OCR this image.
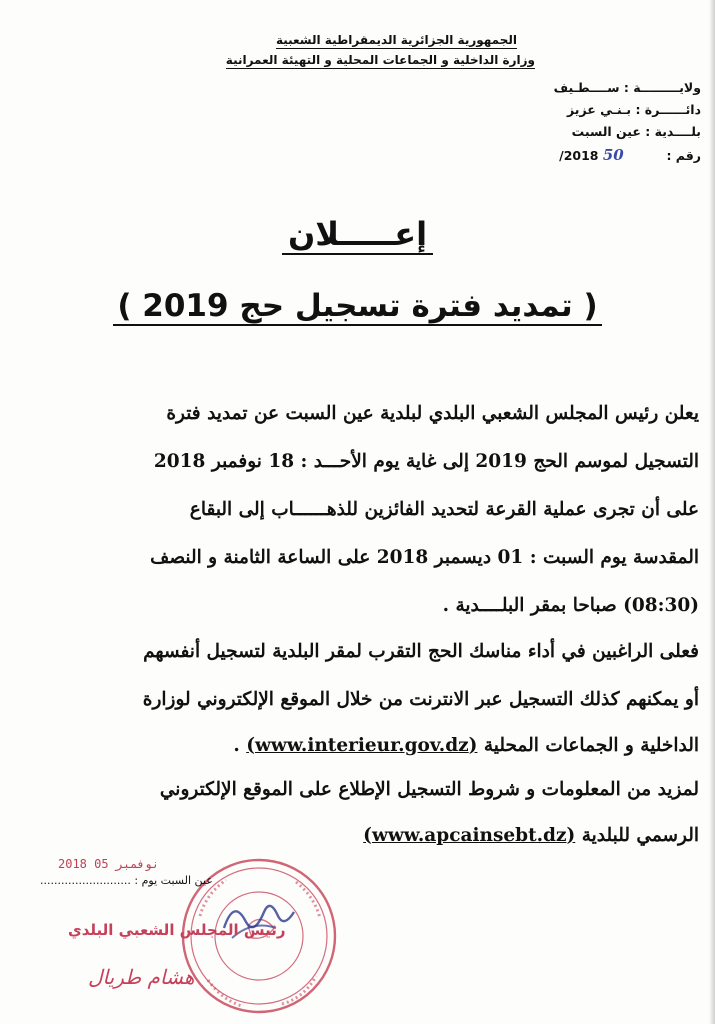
الجمهورية الجزائرية الديمقراطية الشعبية
وزارة الداخلية و الجماعات المحلية و التهيئة العمرانية
ولايـــــــــة : ســــطـيف
دائــــــرة : بـنـي عزيز
بلــــدية : عين السبت
رقم :  50 2018/
إعـــــلان
( تمديد فترة تسجيل حج 2019 )
يعلن رئيس المجلس الشعبي البلدي لبلدية عين السبت عن تمديد فترة
التسجيل لموسم الحج 2019 إلى غاية يوم الأحـــد : 18 نوفمبر 2018
على أن تجرى عملية القرعة لتحديد الفائزين للذهــــــاب إلى البقاع
المقدسة يوم السبت : 01 ديسمبر 2018 على الساعة الثامنة و النصف
(08:30) صباحا بمقر البلــــدية .
فعلى الراغبين في أداء مناسك الحج التقرب لمقر البلدية لتسجيل أنفسهم
أو يمكنهم كذلك التسجيل عبر الانترنت من خلال الموقع الإلكتروني لوزارة
الداخلية و الجماعات المحلية (www.interieur.gov.dz) .
لمزيد من المعلومات و شروط التسجيل الإطلاع على الموقع الإلكتروني
الرسمي للبلدية (www.apcainsebt.dz)
2018 نوفمبر 05
عين السبت يوم : ..........................
رئيس المجلس الشعبي البلدي
هشام طريال
